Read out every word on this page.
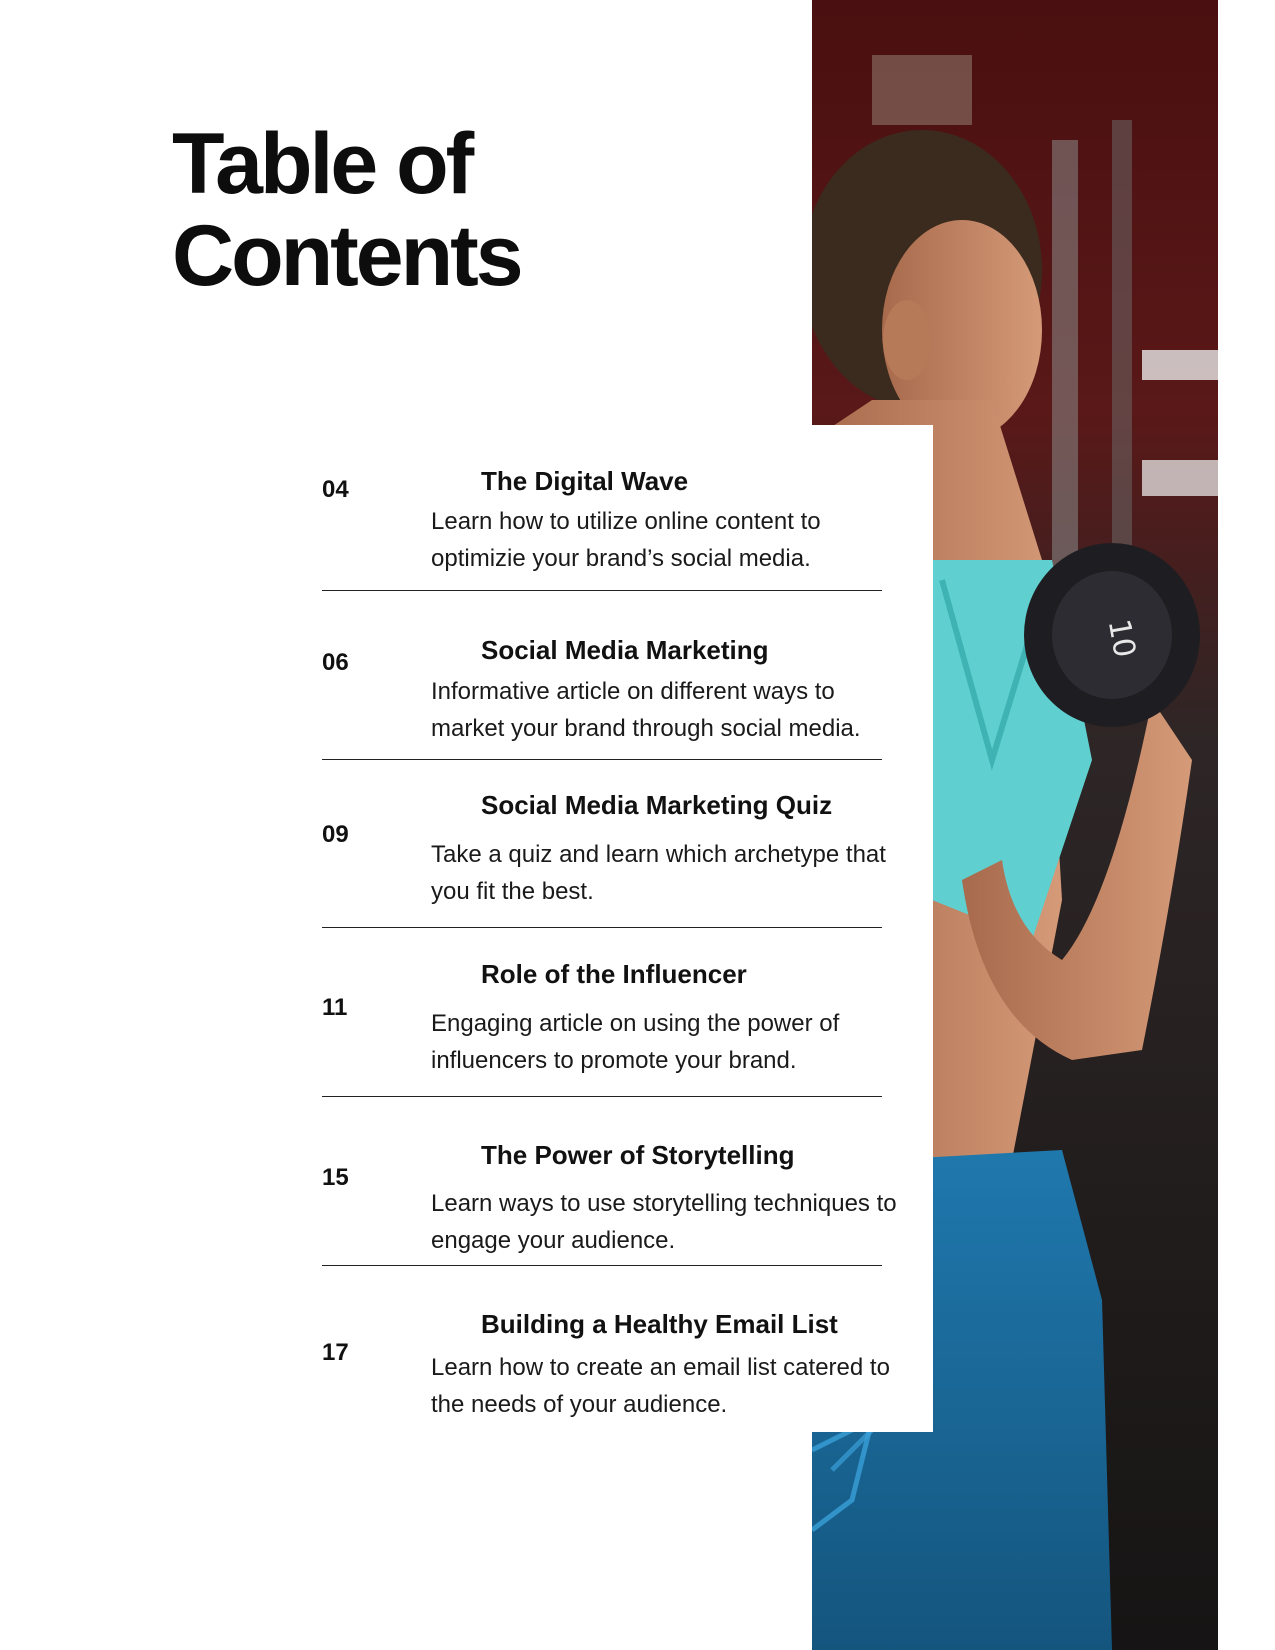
10
Table of
Contents
04	The Digital Wave
Learn how to utilize online content to
optimizie your brand’s social media.
06	Social Media Marketing
Informative article on different ways to
market your brand through social media.
09
Social Media Marketing Quiz
Take a quiz and learn which archetype that
you fit the best.
11
Role of the Influencer
Engaging article on using the power of
influencers to promote your brand.
15
The Power of Storytelling
Learn ways to use storytelling techniques to
engage your audience.
17
Building a Healthy Email List
Learn how to create an email list catered to
the needs of your audience.
